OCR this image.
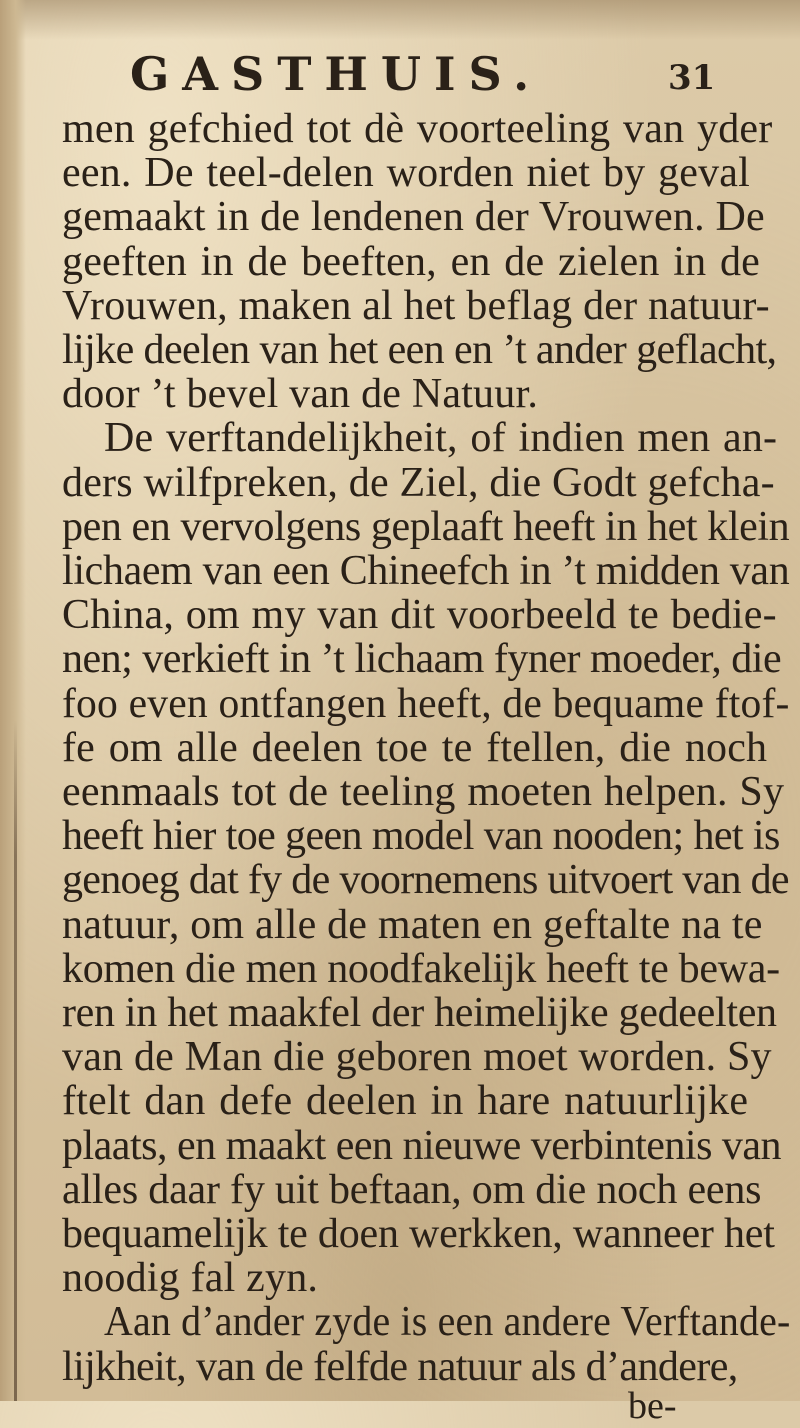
GASTHUIS.	31
men gefchied tot dè voorteeling van yder
een. De teel-delen worden niet by geval
gemaakt in de lendenen der Vrouwen. De
geeften in de beeften, en de zielen in de
Vrouwen, maken al het beflag der natuur-
lijke deelen van het een en ’t ander geflacht,
door ’t bevel van de Natuur.
De verftandelijkheit, of indien men an-
ders wilfpreken, de Ziel, die Godt gefcha-
pen en vervolgens geplaaft heeft in het klein
lichaem van een Chineefch in ’t midden van
China, om my van dit voorbeeld te bedie-
nen; verkieft in ’t lichaam fyner moeder, die
foo even ontfangen heeft, de bequame ftof-
fe om alle deelen toe te ftellen, die noch
eenmaals tot de teeling moeten helpen. Sy
heeft hier toe geen model van nooden; het is
genoeg dat fy de voornemens uitvoert van de
natuur, om alle de maten en geftalte na te
komen die men noodfakelijk heeft te bewa-
ren in het maakfel der heimelijke gedeelten
van de Man die geboren moet worden. Sy
ftelt dan defe deelen in hare natuurlijke
plaats, en maakt een nieuwe verbintenis van
alles daar fy uit beftaan, om die noch eens
bequamelijk te doen werkken, wanneer het
noodig fal zyn.
Aan d’ander zyde is een andere Verftande-
lijkheit, van de felfde natuur als d’andere,
be-
